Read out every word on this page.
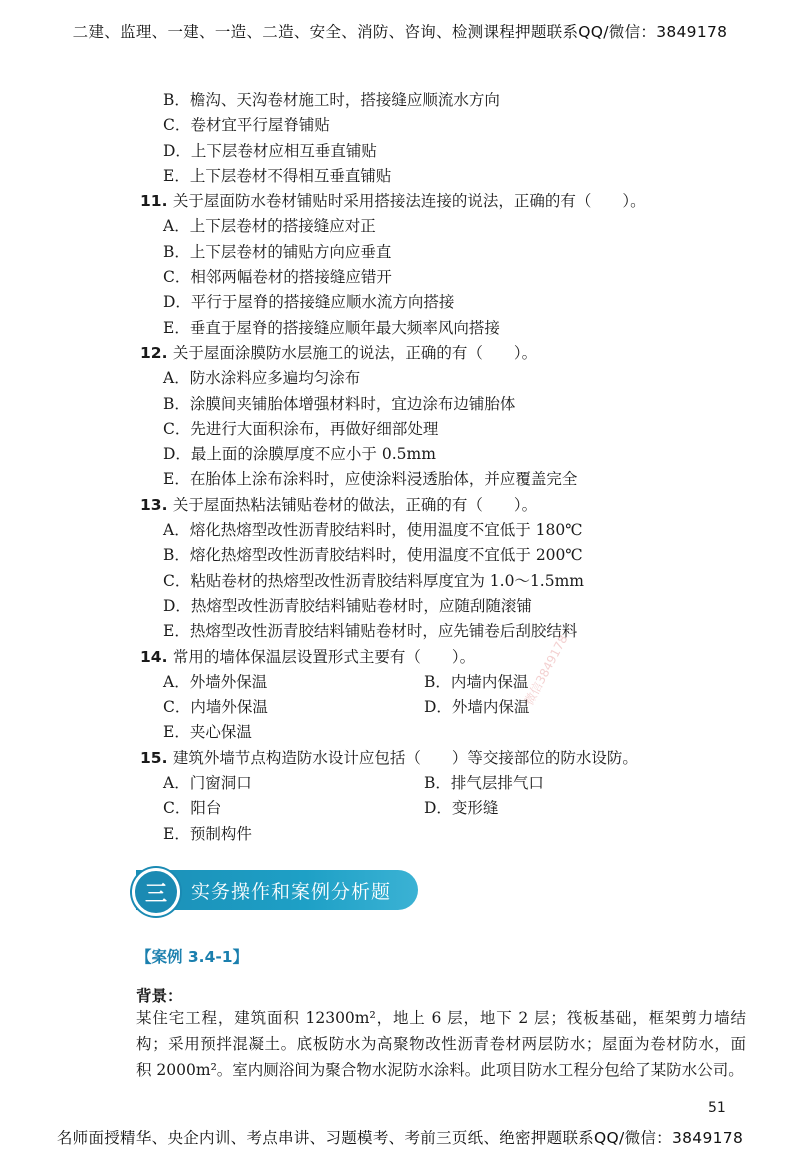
二建、监理、一建、一造、二造、安全、消防、咨询、检测课程押题联系QQ/微信：3849178
B．檐沟、天沟卷材施工时，搭接缝应顺流水方向
C．卷材宜平行屋脊铺贴
D．上下层卷材应相互垂直铺贴
E．上下层卷材不得相互垂直铺贴
11. 关于屋面防水卷材铺贴时采用搭接法连接的说法，正确的有（　　）。
A．上下层卷材的搭接缝应对正
B．上下层卷材的铺贴方向应垂直
C．相邻两幅卷材的搭接缝应错开
D．平行于屋脊的搭接缝应顺水流方向搭接
E．垂直于屋脊的搭接缝应顺年最大频率风向搭接
12. 关于屋面涂膜防水层施工的说法，正确的有（　　）。
A．防水涂料应多遍均匀涂布
B．涂膜间夹铺胎体增强材料时，宜边涂布边铺胎体
C．先进行大面积涂布，再做好细部处理
D．最上面的涂膜厚度不应小于 0.5mm
E．在胎体上涂布涂料时，应使涂料浸透胎体，并应覆盖完全
13. 关于屋面热粘法铺贴卷材的做法，正确的有（　　）。
A．熔化热熔型改性沥青胶结料时，使用温度不宜低于 180℃
B．熔化热熔型改性沥青胶结料时，使用温度不宜低于 200℃
C．粘贴卷材的热熔型改性沥青胶结料厚度宜为 1.0～1.5mm
D．热熔型改性沥青胶结料铺贴卷材时，应随刮随滚铺
E．热熔型改性沥青胶结料铺贴卷材时，应先铺卷后刮胶结料
14. 常用的墙体保温层设置形式主要有（　　）。
A．外墙外保温	B．内墙内保温
C．内墙外保温	D．外墙内保温
E．夹心保温
15. 建筑外墙节点构造防水设计应包括（　　）等交接部位的防水设防。
A．门窗洞口	B．排气层排气口
C．阳台	D．变形缝
E．预制构件
三	实务操作和案例分析题
【案例 3.4-1】
背景：
某住宅工程，建筑面积 12300m²，地上 6 层，地下 2 层；筏板基础，框架剪力墙结
构；采用预拌混凝土。底板防水为高聚物改性沥青卷材两层防水；屋面为卷材防水，面
积 2000m²。室内厕浴间为聚合物水泥防水涂料。此项目防水工程分包给了某防水公司。
51
微信3849178
名师面授精华、央企内训、考点串讲、习题模考、考前三页纸、绝密押题联系QQ/微信：3849178
